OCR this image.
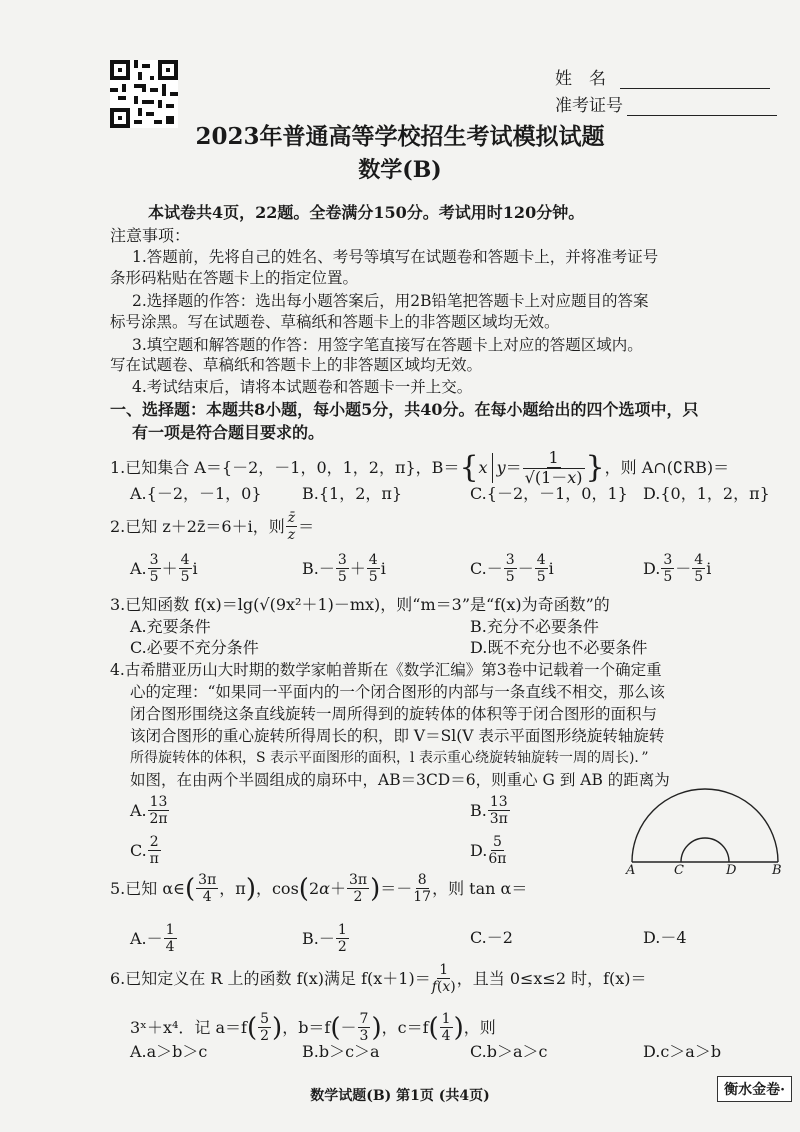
姓　名
准考证号
2023年普通高等学校招生考试模拟试题
数学(B)
本试卷共4页，22题。全卷满分150分。考试用时120分钟。
注意事项：
1.答题前，先将自己的姓名、考号等填写在试题卷和答题卡上，并将准考证号
条形码粘贴在答题卡上的指定位置。
2.选择题的作答：选出每小题答案后，用2B铅笔把答题卡上对应题目的答案
标号涂黑。写在试题卷、草稿纸和答题卡上的非答题区域均无效。
3.填空题和解答题的作答：用签字笔直接写在答题卡上对应的答题区域内。
写在试题卷、草稿纸和答题卡上的非答题区域均无效。
4.考试结束后，请将本试题卷和答题卡一并上交。
一、选择题：本题共8小题，每小题5分，共40分。在每小题给出的四个选项中，只
有一项是符合题目要求的。
1.已知集合 A＝{－2，－1，0，1，2，π}，B＝ { x $y = \frac{1}{√(1-x)}$ } ，则 A∩(∁RB)＝
A.{－2，－1，0}	B.{1，2，π}	C.{－2，－1，0，1} D.{0，1，2，π}
2.已知 z＋2z̄＝6＋i，则 $\frac{z̄}{z}$ ＝
A. $\frac{3}{5} + \frac{4}{5}$ i	B. － $\frac{3}{5} + \frac{4}{5}$ i	C. － $\frac{3}{5} - \frac{4}{5}$ i	D. $\frac{3}{5} - \frac{4}{5}$ i
3.已知函数 f(x)＝lg(√(9x²＋1)－mx)，则“m＝3”是“f(x)为奇函数”的
A.充要条件	B.充分不必要条件
C.必要不充分条件	D.既不充分也不必要条件
4.古希腊亚历山大时期的数学家帕普斯在《数学汇编》第3卷中记载着一个确定重
心的定理：“如果同一平面内的一个闭合图形的内部与一条直线不相交，那么该
闭合图形围绕这条直线旋转一周所得到的旋转体的体积等于闭合图形的面积与
该闭合图形的重心旋转所得周长的积，即 V＝Sl(V 表示平面图形绕旋转轴旋转
所得旋转体的体积，S 表示平面图形的面积，l 表示重心绕旋转轴旋转一周的周长)．”
如图，在由两个半圆组成的扇环中，AB＝3CD＝6，则重心 G 到 AB 的距离为
A. $\frac{13}{2\pi}$	B. $\frac{13}{3\pi}$
C. $\frac{2}{\pi}$	D. $\frac{5}{6\pi}$
A	C	D	B
5.已知 α∈ ( $\frac{3\pi}{4}$ ，π ) ，cos ( 2 $\alpha + \frac{3\pi}{2}$ ) ＝－ $\frac{8}{17}$ ，则 tan α＝
$A.- \frac{1}{4}$	$B.- \frac{1}{2}$	C.－2	D.－4
6.已知定义在 R 上的函数 f(x)满足 $f(x+1)= \frac{1}{f(x)}$ ，且当 0≤x≤2 时，f(x)＝
3ˣ＋x⁴．记 a＝f ( $\frac{5}{2}$ ) ，b＝f ( － $\frac{7}{3}$ ) ，c＝f ( $\frac{1}{4}$ ) ，则
A.a＞b＞c	B.b＞c＞a	C.b＞a＞c	D.c＞a＞b
数学试题(B) 第1页 (共4页)	衡水金卷·
